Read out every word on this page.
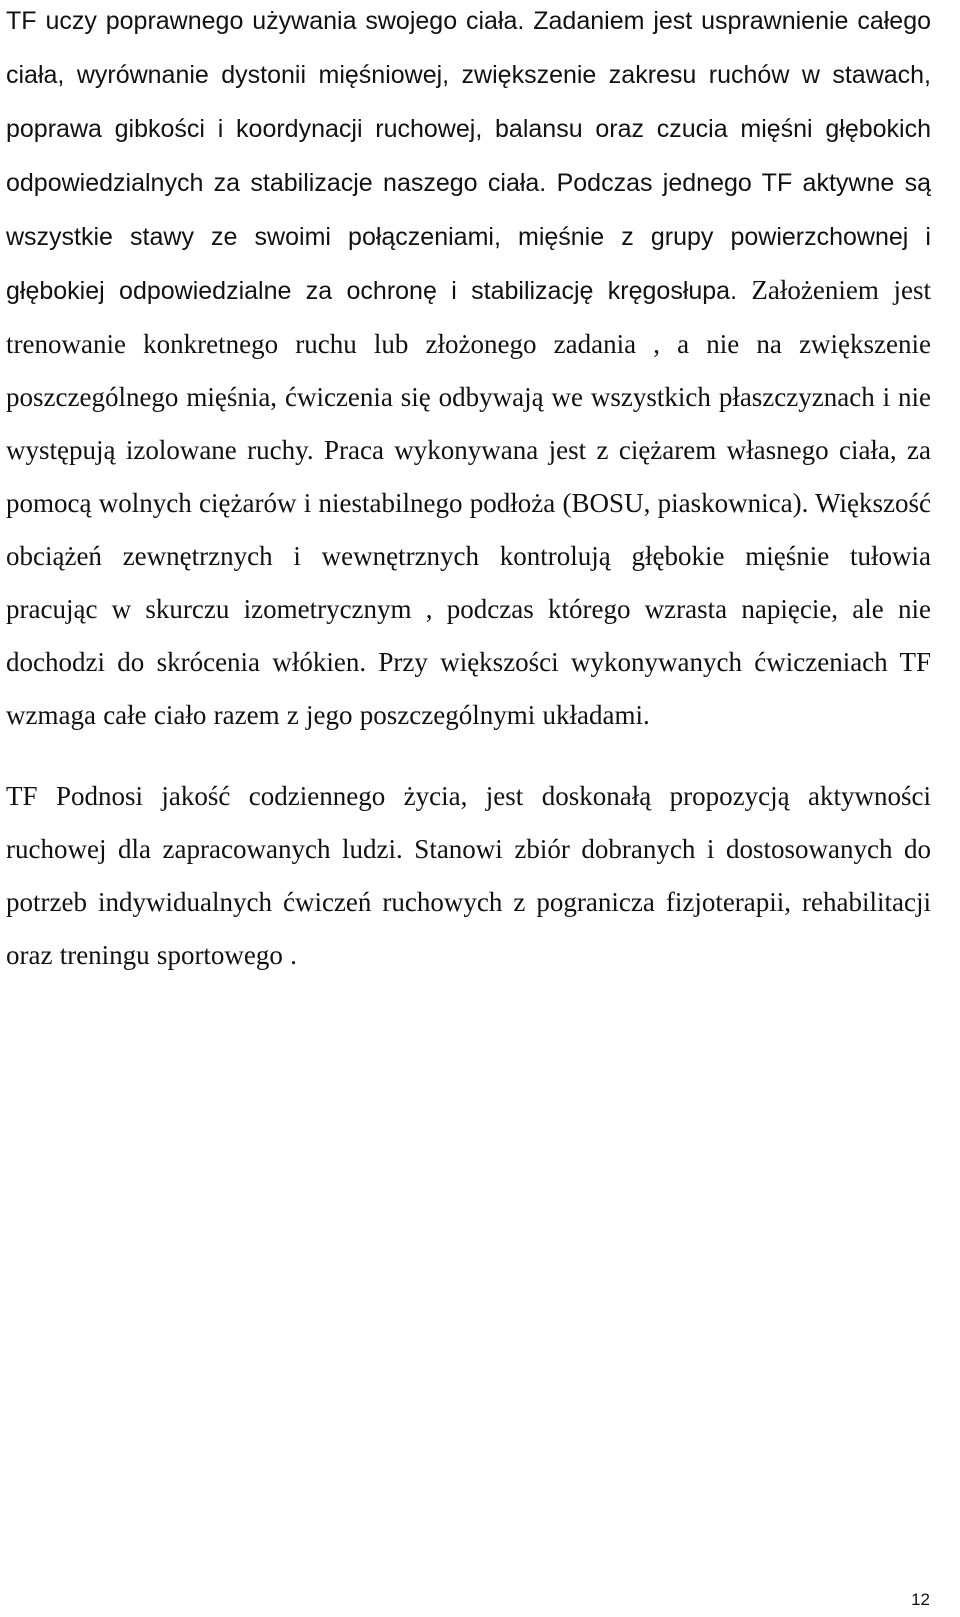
TF uczy poprawnego używania swojego ciała. Zadaniem jest usprawnienie całego ciała, wyrównanie dystonii mięśniowej, zwiększenie zakresu ruchów w stawach, poprawa gibkości i koordynacji ruchowej, balansu oraz czucia mięśni głębokich odpowiedzialnych za stabilizacje naszego ciała. Podczas jednego TF aktywne są wszystkie stawy ze swoimi połączeniami, mięśnie z grupy powierzchownej i głębokiej odpowiedzialne za ochronę i stabilizację kręgosłupa. Założeniem jest trenowanie konkretnego ruchu lub złożonego zadania , a nie na zwiększenie poszczególnego mięśnia, ćwiczenia się odbywają we wszystkich płaszczyznach i nie występują izolowane ruchy. Praca wykonywana jest z ciężarem własnego ciała, za pomocą wolnych ciężarów i niestabilnego podłoża (BOSU, piaskownica). Większość obciążeń zewnętrznych i wewnętrznych kontrolują głębokie mięśnie tułowia pracując w skurczu izometrycznym , podczas którego wzrasta napięcie, ale nie dochodzi do skrócenia włókien. Przy większości wykonywanych ćwiczeniach TF wzmaga całe ciało razem z jego poszczególnymi układami.

TF Podnosi jakość codziennego życia, jest doskonałą propozycją aktywności ruchowej dla zapracowanych ludzi. Stanowi zbiór dobranych i dostosowanych do potrzeb indywidualnych ćwiczeń ruchowych z pogranicza fizjoterapii, rehabilitacji oraz treningu sportowego .

12
